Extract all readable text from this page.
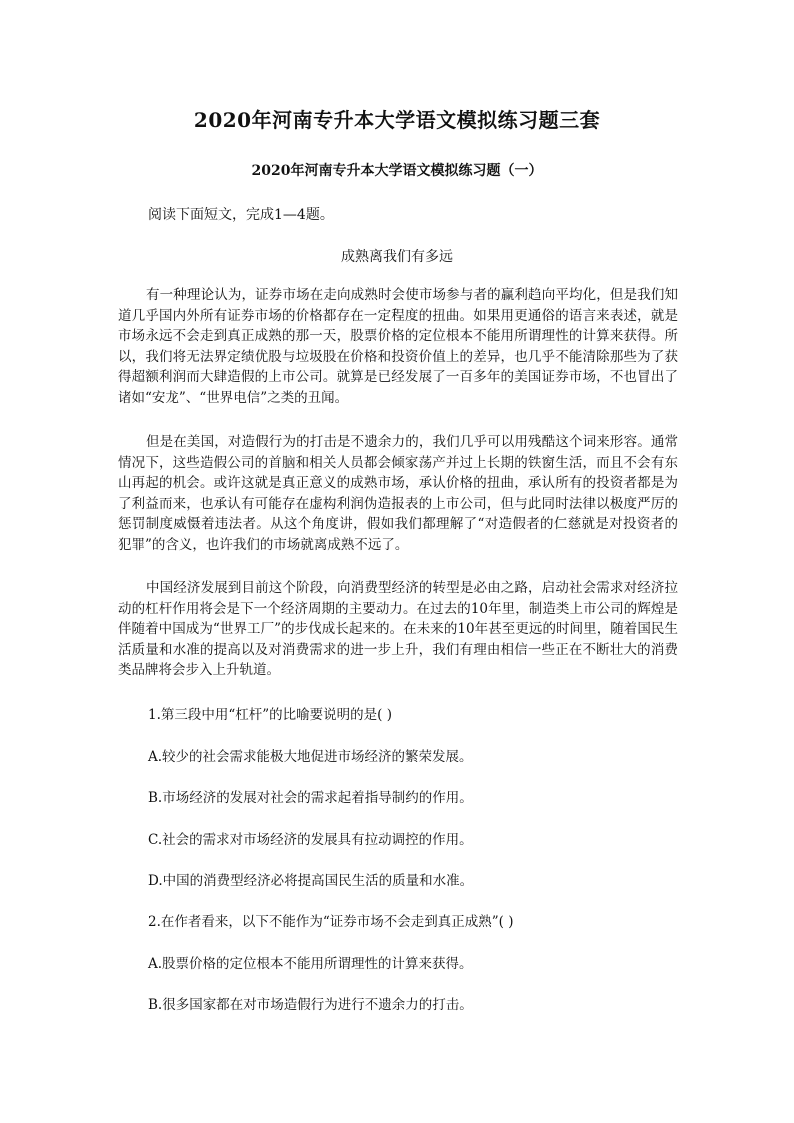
2020年河南专升本大学语文模拟练习题三套
2020年河南专升本大学语文模拟练习题（一）

阅读下面短文，完成1—4题。

成熟离我们有多远

有一种理论认为，证券市场在走向成熟时会使市场参与者的赢利趋向平均化，但是我们知道几乎国内外所有证券市场的价格都存在一定程度的扭曲。如果用更通俗的语言来表述，就是市场永远不会走到真正成熟的那一天，股票价格的定位根本不能用所谓理性的计算来获得。所以，我们将无法界定绩优股与垃圾股在价格和投资价值上的差异，也几乎不能清除那些为了获得超额利润而大肆造假的上市公司。就算是已经发展了一百多年的美国证券市场，不也冒出了诸如“安龙”、“世界电信”之类的丑闻。

但是在美国，对造假行为的打击是不遗余力的，我们几乎可以用残酷这个词来形容。通常情况下，这些造假公司的首脑和相关人员都会倾家荡产并过上长期的铁窗生活，而且不会有东山再起的机会。或许这就是真正意义的成熟市场，承认价格的扭曲，承认所有的投资者都是为了利益而来，也承认有可能存在虚构利润伪造报表的上市公司，但与此同时法律以极度严厉的惩罚制度威慑着违法者。从这个角度讲，假如我们都理解了“对造假者的仁慈就是对投资者的犯罪”的含义，也许我们的市场就离成熟不远了。

中国经济发展到目前这个阶段，向消费型经济的转型是必由之路，启动社会需求对经济拉动的杠杆作用将会是下一个经济周期的主要动力。在过去的10年里，制造类上市公司的辉煌是伴随着中国成为“世界工厂”的步伐成长起来的。在未来的10年甚至更远的时间里，随着国民生活质量和水准的提高以及对消费需求的进一步上升，我们有理由相信一些正在不断壮大的消费类品牌将会步入上升轨道。

1.第三段中用“杠杆”的比喻要说明的是( )

A.较少的社会需求能极大地促进市场经济的繁荣发展。

B.市场经济的发展对社会的需求起着指导制约的作用。

C.社会的需求对市场经济的发展具有拉动调控的作用。

D.中国的消费型经济必将提高国民生活的质量和水准。

2.在作者看来，以下不能作为“证券市场不会走到真正成熟”( )

A.股票价格的定位根本不能用所谓理性的计算来获得。

B.很多国家都在对市场造假行为进行不遗余力的打击。
